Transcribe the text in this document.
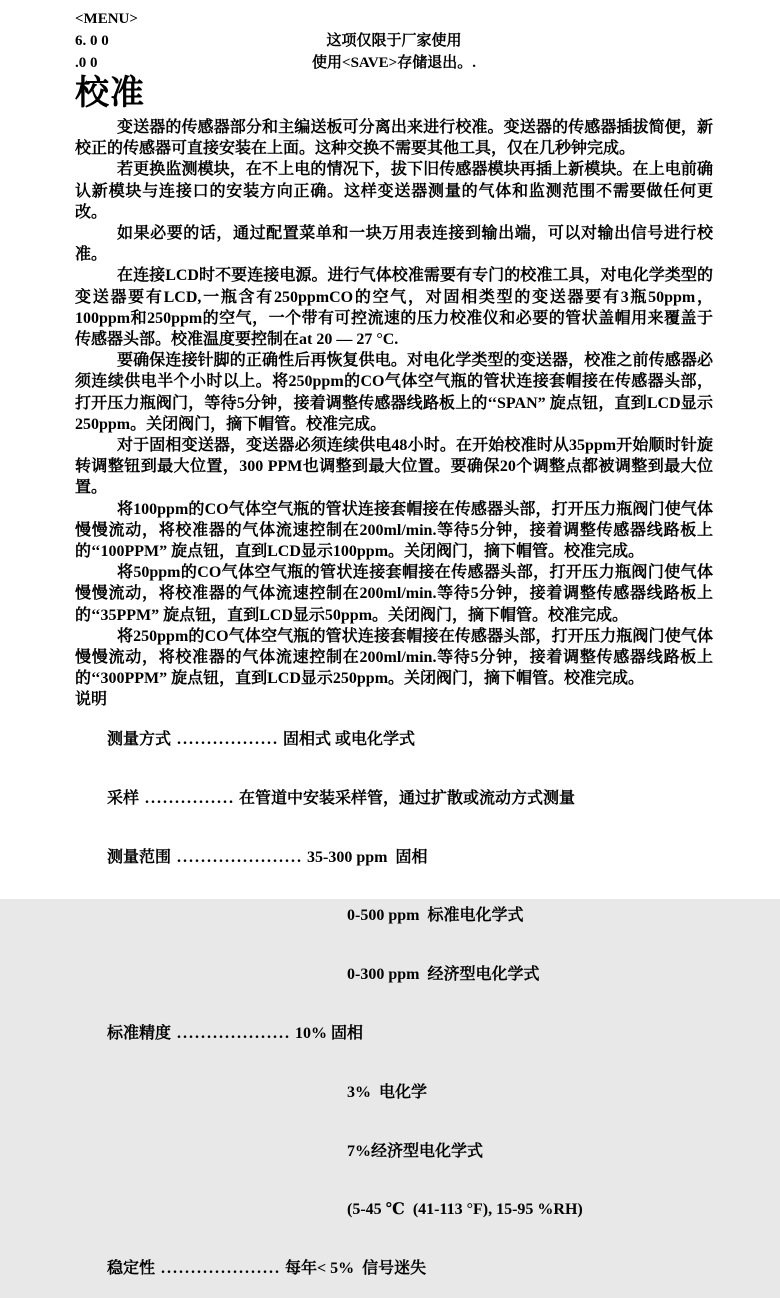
<MENU>
6. 0 0	这项仅限于厂家使用
.0 0	使用<SAVE>存储退出。.
校准

变送器的传感器部分和主编送板可分离出来进行校准。变送器的传感器插拔简便，新校正的传感器可直接安装在上面。这种交换不需要其他工具，仅在几秒钟完成。

若更换监测模块，在不上电的情况下，拔下旧传感器模块再插上新模块。在上电前确认新模块与连接口的安装方向正确。这样变送器测量的气体和监测范围不需要做任何更改。

如果必要的话，通过配置菜单和一块万用表连接到输出端，可以对输出信号进行校准。

在连接LCD时不要连接电源。进行气体校准需要有专门的校准工具，对电化学类型的变送器要有LCD,一瓶含有250ppmCO的空气，对固相类型的变送器要有3瓶50ppm，100ppm和250ppm的空气，一个带有可控流速的压力校准仪和必要的管状盖帽用来覆盖于传感器头部。校准温度要控制在at 20 — 27 °C.

要确保连接针脚的正确性后再恢复供电。对电化学类型的变送器，校准之前传感器必须连续供电半个小时以上。将250ppm的CO气体空气瓶的管状连接套帽接在传感器头部，打开压力瓶阀门，等待5分钟，接着调整传感器线路板上的‘‘SPAN” 旋点钮，直到LCD显示250ppm。关闭阀门，摘下帽管。校准完成。

对于固相变送器，变送器必须连续供电48小时。在开始校准时从35ppm开始顺时针旋转调整钮到最大位置，300 PPM也调整到最大位置。要确保20个调整点都被调整到最大位置。

将100ppm的CO气体空气瓶的管状连接套帽接在传感器头部，打开压力瓶阀门使气体慢慢流动，将校准器的气体流速控制在200ml/min.等待5分钟，接着调整传感器线路板上的‘‘100PPM” 旋点钮，直到LCD显示100ppm。关闭阀门，摘下帽管。校准完成。

将50ppm的CO气体空气瓶的管状连接套帽接在传感器头部，打开压力瓶阀门使气体慢慢流动，将校准器的气体流速控制在200ml/min.等待5分钟，接着调整传感器线路板上的‘‘35PPM” 旋点钮，直到LCD显示50ppm。关闭阀门，摘下帽管。校准完成。

将250ppm的CO气体空气瓶的管状连接套帽接在传感器头部，打开压力瓶阀门使气体慢慢流动，将校准器的气体流速控制在200ml/min.等待5分钟，接着调整传感器线路板上的‘‘300PPM” 旋点钮，直到LCD显示250ppm。关闭阀门，摘下帽管。校准完成。

说明

测量方式 ................. 固相式 或电化学式

采样 ............... 在管道中安装采样管，通过扩散或流动方式测量

测量范围 ..................... 35-300 ppm  固相

0-500 ppm  标准电化学式

0-300 ppm  经济型电化学式

标准精度 ................... 10% 固相

3%  电化学

7%经济型电化学式

(5-45 ℃  (41-113 °F), 15-95 %RH)

稳定性 .................... 每年< 5%  信号迷失
